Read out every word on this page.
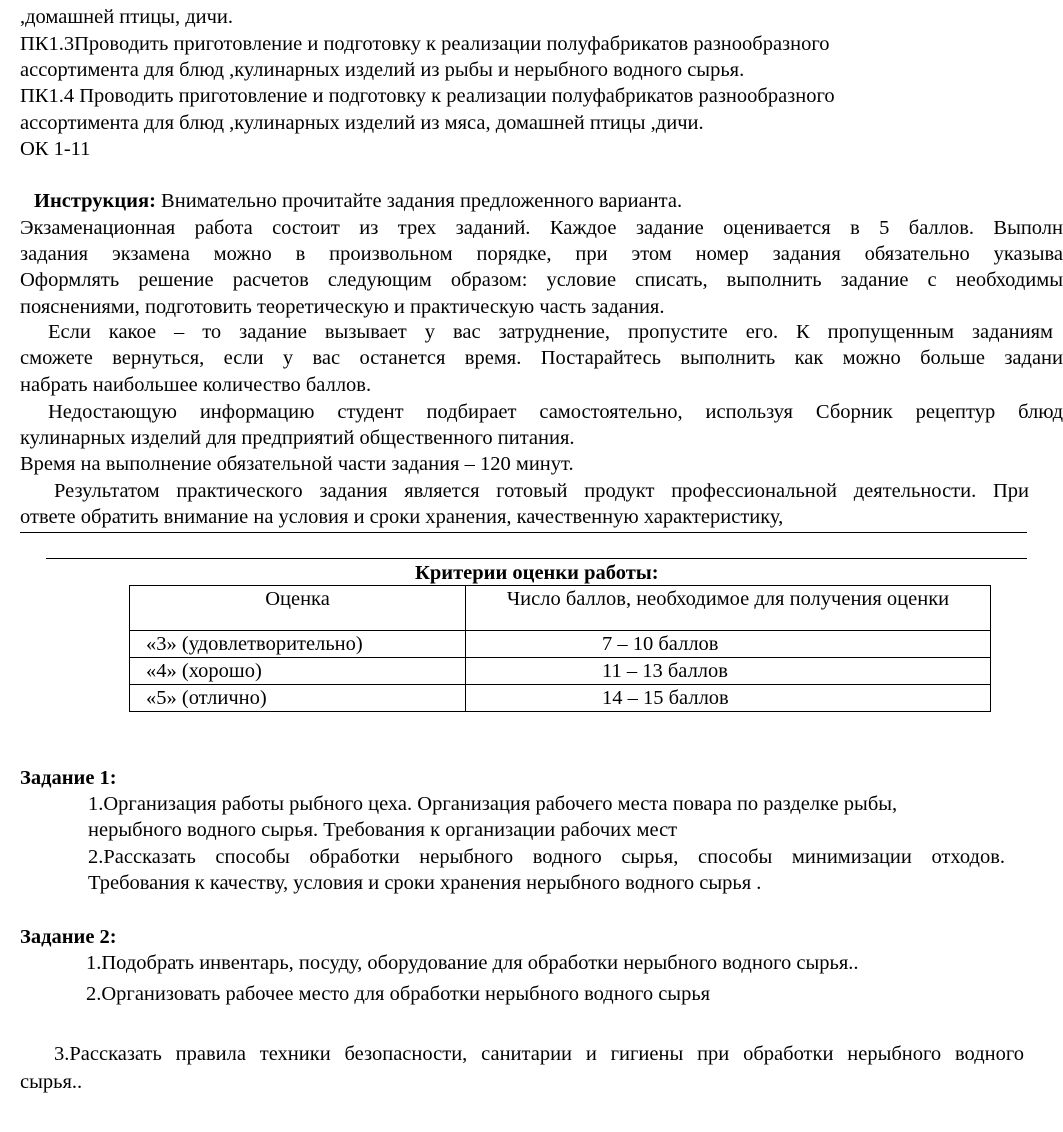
,домашней птицы, дичи.
ПК1.3Проводить приготовление и подготовку к реализации полуфабрикатов разнообразного
ассортимента для блюд ,кулинарных изделий из рыбы и нерыбного водного сырья.
ПК1.4 Проводить приготовление и подготовку к реализации полуфабрикатов разнообразного
ассортимента для блюд ,кулинарных изделий из мяса, домашней птицы ,дичи.
ОК 1-11
Инструкция: Внимательно прочитайте задания предложенного варианта.
Экзаменационная работа состоит из трех заданий. Каждое задание оценивается в 5 баллов. Выполн
задания экзамена можно в произвольном порядке, при этом номер задания обязательно указыва
Оформлять решение расчетов следующим образом: условие списать, выполнить задание с необходимы
пояснениями, подготовить теоретическую и практическую часть задания.
Если какое – то задание вызывает у вас затруднение, пропустите его. К пропущенным заданиям
сможете вернуться, если у вас останется время. Постарайтесь выполнить как можно больше задани
набрать наибольшее количество баллов.
Недостающую информацию студент подбирает самостоятельно, используя Сборник рецептур блюд
кулинарных изделий для предприятий общественного питания.
Время на выполнение обязательной части задания – 120 минут.
Результатом практического задания является готовый продукт профессиональной деятельности. При
ответе обратить внимание на условия и сроки хранения, качественную характеристику,
Критерии оценки работы:
Оценка	Число баллов, необходимое для получения оценки
«3» (удовлетворительно)	7 – 10 баллов
«4» (хорошо)	11 – 13 баллов
«5» (отлично)	14 – 15 баллов
Задание 1:
1.Организация работы рыбного цеха. Организация рабочего места повара по разделке рыбы,
нерыбного водного сырья. Требования к организации рабочих мест
2.Рассказать способы обработки нерыбного водного сырья, способы минимизации отходов.
Требования к качеству, условия и сроки хранения нерыбного водного сырья .
Задание 2:
1.Подобрать инвентарь, посуду, оборудование для обработки нерыбного водного сырья..
2.Организовать рабочее место для обработки нерыбного водного сырья
3.Рассказать правила техники безопасности, санитарии и гигиены при обработки нерыбного водного
сырья..
